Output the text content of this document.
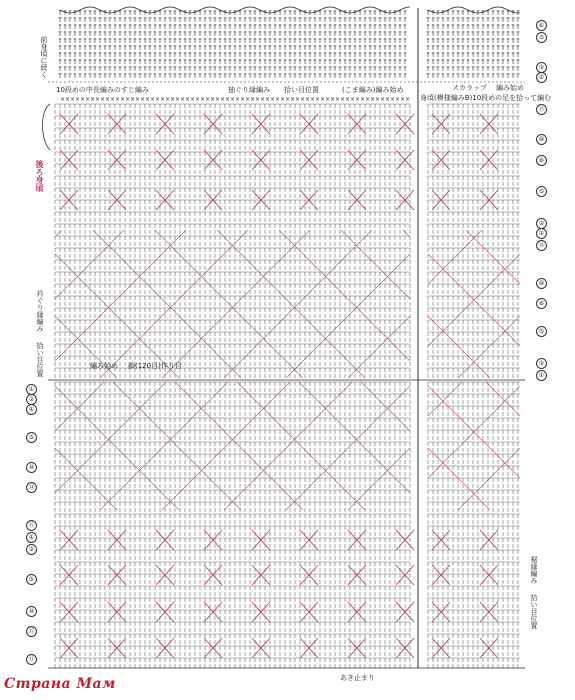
× × × × × × × × × × × × × × × × × × × × × × × × × × × × × × × × × × × × × × × × × × × × × × × × × × × × × × × × × × × × × × × × × × × × × ×
前身頃に続く
後ろ身頃
10段めの中長編みのすじ編み	抽ぐり縁編み 拾い目位置	(こま編み)編み始め	スカラップ 編み始め
身頃(模様編みB)10段めの足を拾って編む
衿ぐり縁編み
拾い目位置	編み始め 鎖(120目)作り目
裾縁編み
拾い目位置
あき止まり
⑥
⑤
②
①
⑬
⑩
⑧
⑤
②
①
⑭
⑩
⑧
⑤
②
①
①
②
①
⑤
⑩
⑭
⑮
①
②
⑤
⑩
⑮
⑪
Страна Мам
